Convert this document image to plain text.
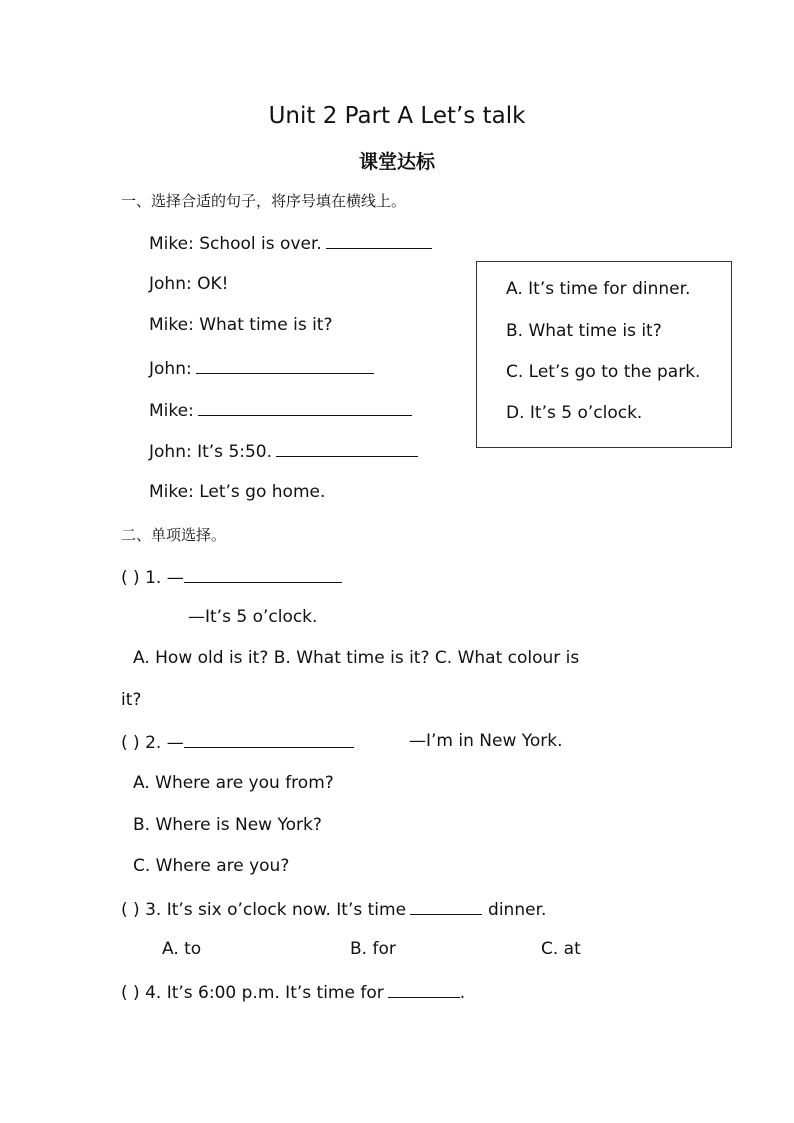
Unit 2 Part A Let’s talk
课堂达标
一、选择合适的句子，将序号填在横线上。
Mike: School is over.
John: OK!
Mike: What time is it?
John:
Mike:
John: It’s 5:50.
Mike: Let’s go home.
A. It’s time for dinner.
B. What time is it?
C. Let’s go to the park.
D. It’s 5 o’clock.
二、单项选择。
( ) 1. —
—It’s 5 o’clock.
A. How old is it? B. What time is it? C. What colour is
it?
( ) 2. —	—I’m in New York.
A. Where are you from?
B. Where is New York?
C. Where are you?
( ) 3. It’s six o’clock now. It’s time	dinner.
A. to	B. for	C. at
( ) 4. It’s 6:00 p.m. It’s time for	.
